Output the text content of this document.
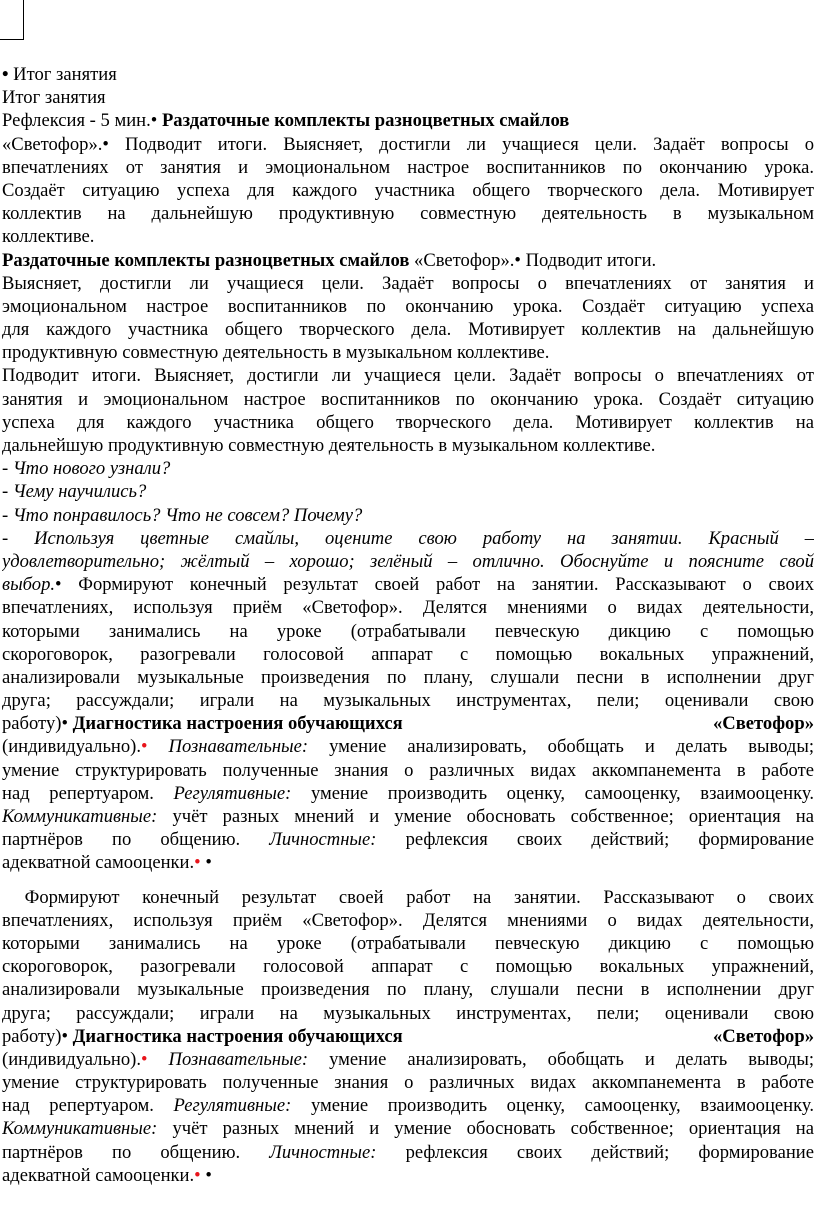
• Итог занятия
Итог занятия
Рефлексия - 5 мин.• Раздаточные комплекты разноцветных смайлов
«Светофор».• Подводит итоги. Выясняет, достигли ли учащиеся цели. Задаёт вопросы о
впечатлениях от занятия и эмоциональном настрое воспитанников по окончанию урока.
Создаёт ситуацию успеха для каждого участника общего творческого дела. Мотивирует
коллектив на дальнейшую продуктивную совместную деятельность в музыкальном
коллективе.
Раздаточные комплекты разноцветных смайлов «Светофор».• Подводит итоги.
Выясняет, достигли ли учащиеся цели. Задаёт вопросы о впечатлениях от занятия и
эмоциональном настрое воспитанников по окончанию урока. Создаёт ситуацию успеха
для каждого участника общего творческого дела. Мотивирует коллектив на дальнейшую
продуктивную совместную деятельность в музыкальном коллективе.
Подводит итоги. Выясняет, достигли ли учащиеся цели. Задаёт вопросы о впечатлениях от
занятия и эмоциональном настрое воспитанников по окончанию урока. Создаёт ситуацию
успеха для каждого участника общего творческого дела. Мотивирует коллектив на
дальнейшую продуктивную совместную деятельность в музыкальном коллективе.
- Что нового узнали?
- Чему научились?
- Что понравилось? Что не совсем? Почему?
- Используя цветные смайлы, оцените свою работу на занятии. Красный –
удовлетворительно; жёлтый – хорошо; зелёный – отлично. Обоснуйте и поясните свой
выбор.• Формируют конечный результат своей работ на занятии. Рассказывают о своих
впечатлениях, используя приём «Светофор». Делятся мнениями о видах деятельности,
которыми занимались на уроке (отрабатывали певческую дикцию с помощью
скороговорок, разогревали голосовой аппарат с помощью вокальных упражнений,
анализировали музыкальные произведения по плану, слушали песни в исполнении друг
друга; рассуждали; играли на музыкальных инструментах, пели; оценивали свою
работу)• Диагностика настроения обучающихся	«Светофор»
(индивидуально).• Познавательные: умение анализировать, обобщать и делать выводы;
умение структурировать полученные знания о различных видах аккомпанемента в работе
над репертуаром. Регулятивные: умение производить оценку, самооценку, взаимооценку.
Коммуникативные: учёт разных мнений и умение обосновать собственное; ориентация на
партнёров по общению. Личностные: рефлексия своих действий; формирование
адекватной самооценки.• •
Формируют конечный результат своей работ на занятии. Рассказывают о своих
впечатлениях, используя приём «Светофор». Делятся мнениями о видах деятельности,
которыми занимались на уроке (отрабатывали певческую дикцию с помощью
скороговорок, разогревали голосовой аппарат с помощью вокальных упражнений,
анализировали музыкальные произведения по плану, слушали песни в исполнении друг
друга; рассуждали; играли на музыкальных инструментах, пели; оценивали свою
работу)• Диагностика настроения обучающихся	«Светофор»
(индивидуально).• Познавательные: умение анализировать, обобщать и делать выводы;
умение структурировать полученные знания о различных видах аккомпанемента в работе
над репертуаром. Регулятивные: умение производить оценку, самооценку, взаимооценку.
Коммуникативные: учёт разных мнений и умение обосновать собственное; ориентация на
партнёров по общению. Личностные: рефлексия своих действий; формирование
адекватной самооценки.• •
